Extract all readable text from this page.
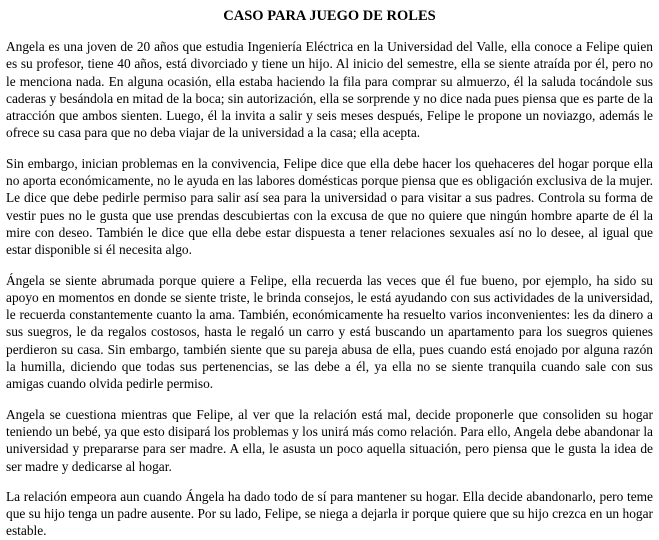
CASO PARA JUEGO DE ROLES

Angela es una joven de 20 años que estudia Ingeniería Eléctrica en la Universidad del Valle, ella conoce a Felipe quien es su profesor, tiene 40 años, está divorciado y tiene un hijo. Al inicio del semestre, ella se siente atraída por él, pero no le menciona nada. En alguna ocasión, ella estaba haciendo la fila para comprar su almuerzo, él la saluda tocándole sus caderas y besándola en mitad de la boca; sin autorización, ella se sorprende y no dice nada pues piensa que es parte de la atracción que ambos sienten. Luego, él la invita a salir y seis meses después, Felipe le propone un noviazgo, además le ofrece su casa para que no deba viajar de la universidad a la casa; ella acepta.

Sin embargo, inician problemas en la convivencia, Felipe dice que ella debe hacer los quehaceres del hogar porque ella no aporta económicamente, no le ayuda en las labores domésticas porque piensa que es obligación exclusiva de la mujer. Le dice que debe pedirle permiso para salir así sea para la universidad o para visitar a sus padres. Controla su forma de vestir pues no le gusta que use prendas descubiertas con la excusa de que no quiere que ningún hombre aparte de él la mire con deseo. También le dice que ella debe estar dispuesta a tener relaciones sexuales así no lo desee, al igual que estar disponible si él necesita algo.

Ángela se siente abrumada porque quiere a Felipe, ella recuerda las veces que él fue bueno, por ejemplo, ha sido su apoyo en momentos en donde se siente triste, le brinda consejos, le está ayudando con sus actividades de la universidad, le recuerda constantemente cuanto la ama. También, económicamente ha resuelto varios inconvenientes: les da dinero a sus suegros, le da regalos costosos, hasta le regaló un carro y está buscando un apartamento para los suegros quienes perdieron su casa. Sin embargo, también siente que su pareja abusa de ella, pues cuando está enojado por alguna razón la humilla, diciendo que todas sus pertenencias, se las debe a él, ya ella no se siente tranquila cuando sale con sus amigas cuando olvida pedirle permiso.

Angela se cuestiona mientras que Felipe, al ver que la relación está mal, decide proponerle que consoliden su hogar teniendo un bebé, ya que esto disipará los problemas y los unirá más como relación. Para ello, Angela debe abandonar la universidad y prepararse para ser madre. A ella, le asusta un poco aquella situación, pero piensa que le gusta la idea de ser madre y dedicarse al hogar.

La relación empeora aun cuando Ángela ha dado todo de sí para mantener su hogar. Ella decide abandonarlo, pero teme que su hijo tenga un padre ausente. Por su lado, Felipe, se niega a dejarla ir porque quiere que su hijo crezca en un hogar estable.
